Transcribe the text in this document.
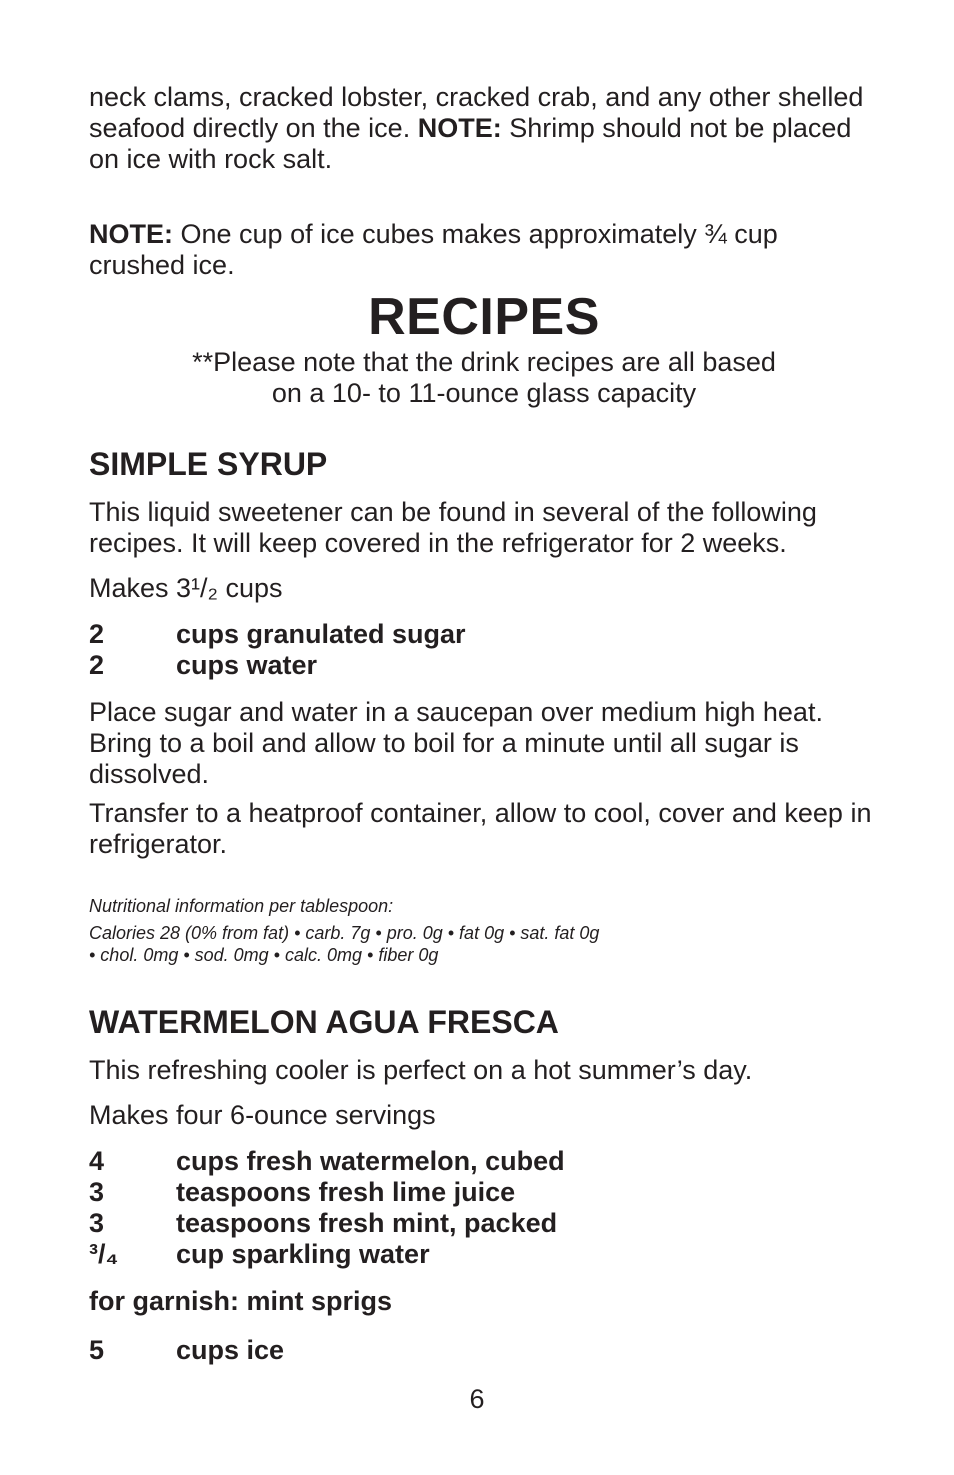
neck clams, cracked lobster, cracked crab, and any other shelled seafood directly on the ice. NOTE: Shrimp should not be placed on ice with rock salt.

NOTE: One cup of ice cubes makes approximately ¾ cup crushed ice.

RECIPES
**Please note that the drink recipes are all based
on a 10- to 11-ounce glass capacity
SIMPLE SYRUP

This liquid sweetener can be found in several of the following recipes. It will keep covered in the refrigerator for 2 weeks.

Makes 3¹/₂ cups

2	cups granulated sugar
2	cups water

Place sugar and water in a saucepan over medium high heat. Bring to a boil and allow to boil for a minute until all sugar is dissolved.

Transfer to a heatproof container, allow to cool, cover and keep in refrigerator.

Nutritional information per tablespoon:
Calories 28 (0% from fat) • carb. 7g • pro. 0g • fat 0g • sat. fat 0g
• chol. 0mg • sod. 0mg • calc. 0mg • fiber 0g
WATERMELON AGUA FRESCA

This refreshing cooler is perfect on a hot summer’s day.

Makes four 6-ounce servings

4	cups fresh watermelon, cubed
3	teaspoons fresh lime juice
3	teaspoons fresh mint, packed
³/₄	cup sparkling water

for garnish: mint sprigs

5	cups ice
6
